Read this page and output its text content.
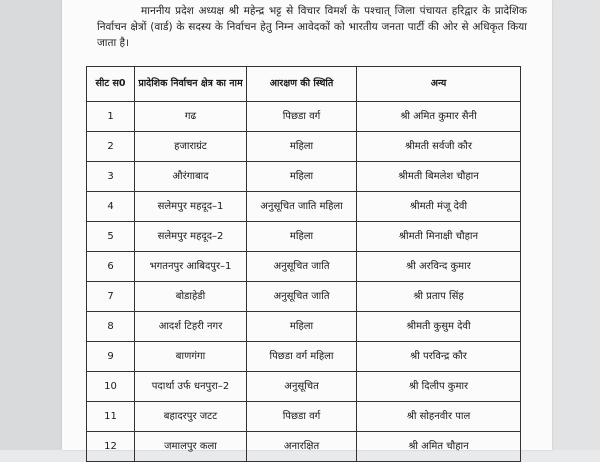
माननीय प्रदेश अध्यक्ष श्री महेन्द्र भट्ट से विचार विमर्श के पश्चात् जिला पंचायत हरिद्वार के प्रादेशिक निर्वाचन क्षेत्रों (वार्ड) के सदस्य के निर्वाचन हेतु निम्न आवेदकों को भारतीय जनता पार्टी की ओर से अधिकृत किया जाता है।

सीट स0	प्रादेशिक निर्वाचन क्षेत्र का नाम	आरक्षण की स्थिति	अन्य
1	गढ	पिछडा वर्ग	श्री अमित कुमार सैनी
2	हजाराग्रंट	महिला	श्रीमती सर्वजी कौर
3	औरंगाबाद	महिला	श्रीमती बिमलेश चौहान
4	सलेमपुर महदूद–1	अनुसूचित जाति महिला	श्रीमती मंजू देवी
5	सलेमपुर महदूद–2	महिला	श्रीमती मिनाक्षी चौहान
6	भगतनपुर आबिदपुर–1	अनुसूचित जाति	श्री अरविन्द कुमार
7	बोडाहेडी	अनुसूचित जाति	श्री प्रताप सिंह
8	आदर्श टिहरी नगर	महिला	श्रीमती कुसुम देवी
9	बाणगंगा	पिछडा वर्ग महिला	श्री परविन्द्र कौर
10	पदार्था उर्फ धनपुरा–2	अनुसूचित	श्री दिलीप कुमार
11	बहादरपुर जटट	पिछडा वर्ग	श्री सोहनवीर पाल
12	जमालपुर कला	अनारक्षित	श्री अमित चौहान
